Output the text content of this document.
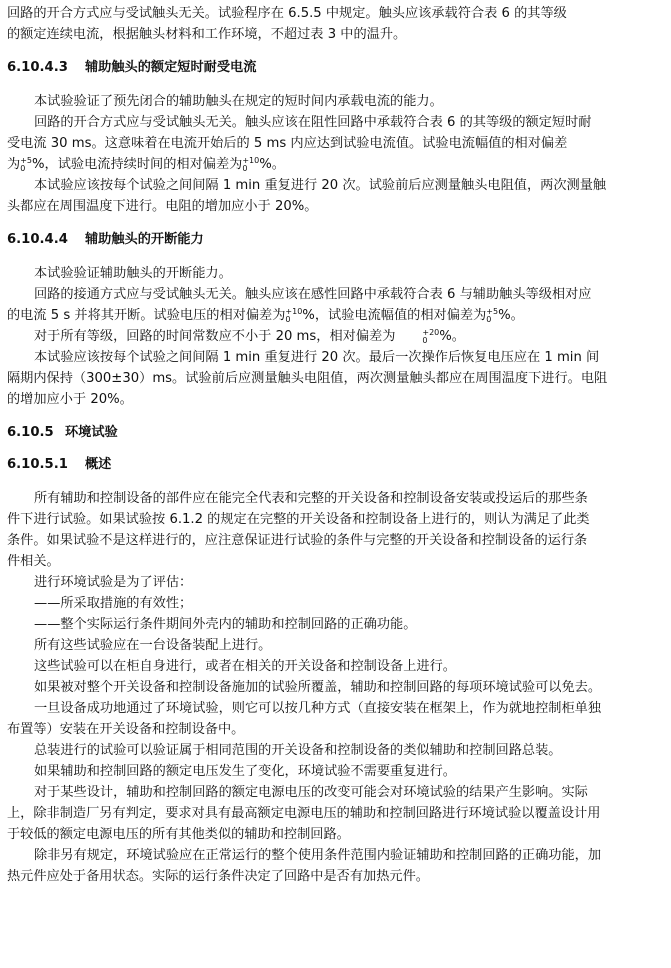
回路的开合方式应与受试触头无关。试验程序在 6.5.5 中规定。触头应该承载符合表 6 的其等级

的额定连续电流，根据触头材料和工作环境，不超过表 3 中的温升。

6.10.4.3 辅助触头的额定短时耐受电流

本试验验证了预先闭合的辅助触头在规定的短时间内承载电流的能力。

回路的开合方式应与受试触头无关。触头应该在阻性回路中承载符合表 6 的其等级的额定短时耐

受电流 30 ms。这意味着在电流开始后的 5 ms 内应达到试验电流值。试验电流幅值的相对偏差

为 +5
0 %，试验电流持续时间的相对偏差为 +10
0 %。

本试验应该按每个试验之间间隔 1 min 重复进行 20 次。试验前后应测量触头电阻值，两次测量触

头都应在周围温度下进行。电阻的增加应小于 20%。

6.10.4.4 辅助触头的开断能力

本试验验证辅助触头的开断能力。

回路的接通方式应与受试触头无关。触头应该在感性回路中承载符合表 6 与辅助触头等级相对应

的电流 5 s 并将其开断。试验电压的相对偏差为 +10
0 %，试验电流幅值的相对偏差为 +5
0 %。

对于所有等级，回路的时间常数应不小于 20 ms，相对偏差为	+20
0 %。

本试验应该按每个试验之间间隔 1 min 重复进行 20 次。最后一次操作后恢复电压应在 1 min 间

隔期内保持（300±30）ms。试验前后应测量触头电阻值，两次测量触头都应在周围温度下进行。电阻

的增加应小于 20%。

6.10.5 环境试验

6.10.5.1 概述

所有辅助和控制设备的部件应在能完全代表和完整的开关设备和控制设备安装或投运后的那些条

件下进行试验。如果试验按 6.1.2 的规定在完整的开关设备和控制设备上进行的，则认为满足了此类

条件。如果试验不是这样进行的，应注意保证进行试验的条件与完整的开关设备和控制设备的运行条

件相关。

进行环境试验是为了评估：

——所采取措施的有效性；

——整个实际运行条件期间外壳内的辅助和控制回路的正确功能。

所有这些试验应在一台设备装配上进行。

这些试验可以在柜自身进行，或者在相关的开关设备和控制设备上进行。

如果被对整个开关设备和控制设备施加的试验所覆盖，辅助和控制回路的每项环境试验可以免去。

一旦设备成功地通过了环境试验，则它可以按几种方式（直接安装在框架上，作为就地控制柜单独

布置等）安装在开关设备和控制设备中。

总装进行的试验可以验证属于相同范围的开关设备和控制设备的类似辅助和控制回路总装。

如果辅助和控制回路的额定电压发生了变化，环境试验不需要重复进行。

对于某些设计，辅助和控制回路的额定电源电压的改变可能会对环境试验的结果产生影响。实际

上，除非制造厂另有判定，要求对具有最高额定电源电压的辅助和控制回路进行环境试验以覆盖设计用

于较低的额定电源电压的所有其他类似的辅助和控制回路。

除非另有规定，环境试验应在正常运行的整个使用条件范围内验证辅助和控制回路的正确功能，加

热元件应处于备用状态。实际的运行条件决定了回路中是否有加热元件。
